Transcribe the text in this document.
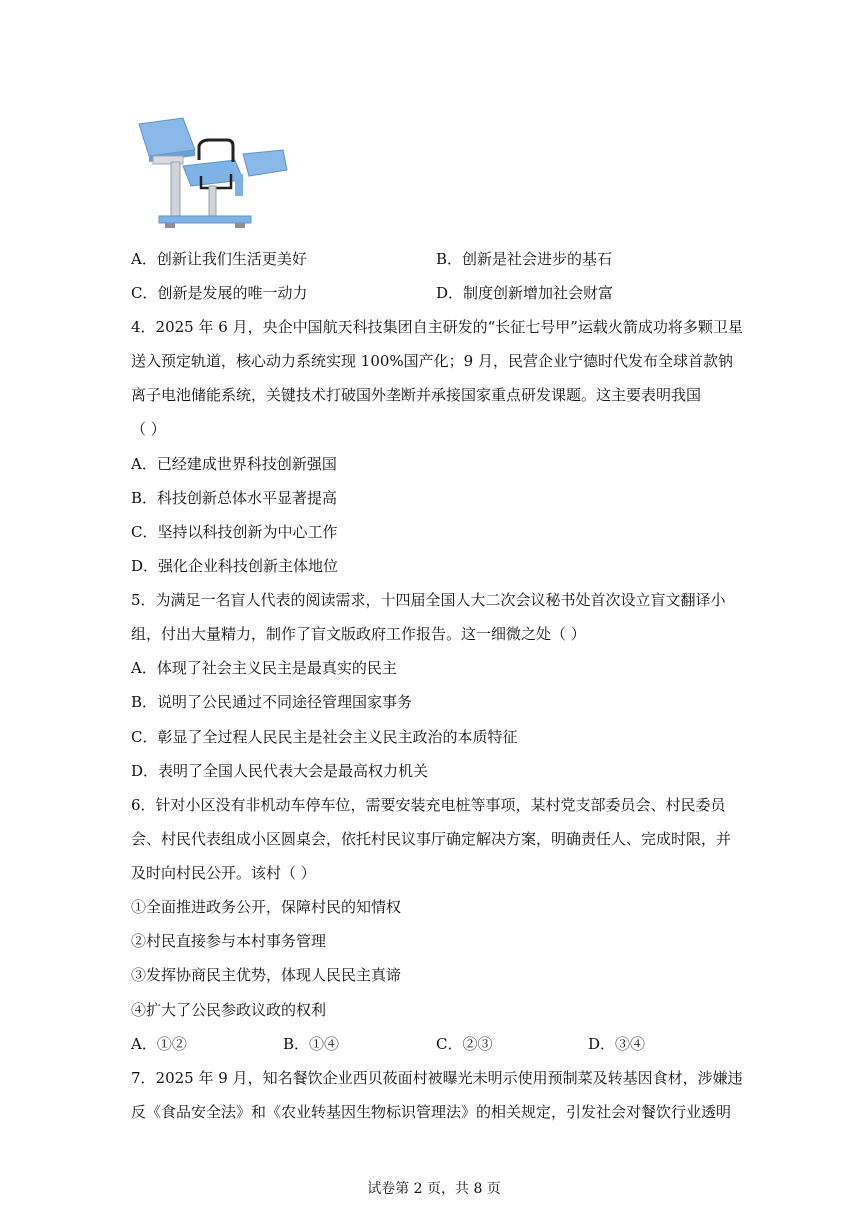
A．创新让我们生活更美好	B．创新是社会进步的基石
C．创新是发展的唯一动力	D．制度创新增加社会财富
4．2025 年 6 月，央企中国航天科技集团自主研发的“长征七号甲”运载火箭成功将多颗卫星
送入预定轨道，核心动力系统实现 100%国产化；9 月，民营企业宁德时代发布全球首款钠
离子电池储能系统，关键技术打破国外垄断并承接国家重点研发课题。这主要表明我国
（ ）
A．已经建成世界科技创新强国
B．科技创新总体水平显著提高
C．坚持以科技创新为中心工作
D．强化企业科技创新主体地位
5．为满足一名盲人代表的阅读需求，十四届全国人大二次会议秘书处首次设立盲文翻译小
组，付出大量精力，制作了盲文版政府工作报告。这一细微之处（ ）
A．体现了社会主义民主是最真实的民主
B．说明了公民通过不同途径管理国家事务
C．彰显了全过程人民民主是社会主义民主政治的本质特征
D．表明了全国人民代表大会是最高权力机关
6．针对小区没有非机动车停车位，需要安装充电桩等事项，某村党支部委员会、村民委员
会、村民代表组成小区圆桌会，依托村民议事厅确定解决方案，明确责任人、完成时限，并
及时向村民公开。该村（ ）
①全面推进政务公开，保障村民的知情权
②村民直接参与本村事务管理
③发挥协商民主优势，体现人民民主真谛
④扩大了公民参政议政的权利
A．①②	B．①④	C．②③	D．③④
7．2025 年 9 月，知名餐饮企业西贝莜面村被曝光未明示使用预制菜及转基因食材，涉嫌违
反《食品安全法》和《农业转基因生物标识管理法》的相关规定，引发社会对餐饮行业透明
试卷第 2 页，共 8 页
